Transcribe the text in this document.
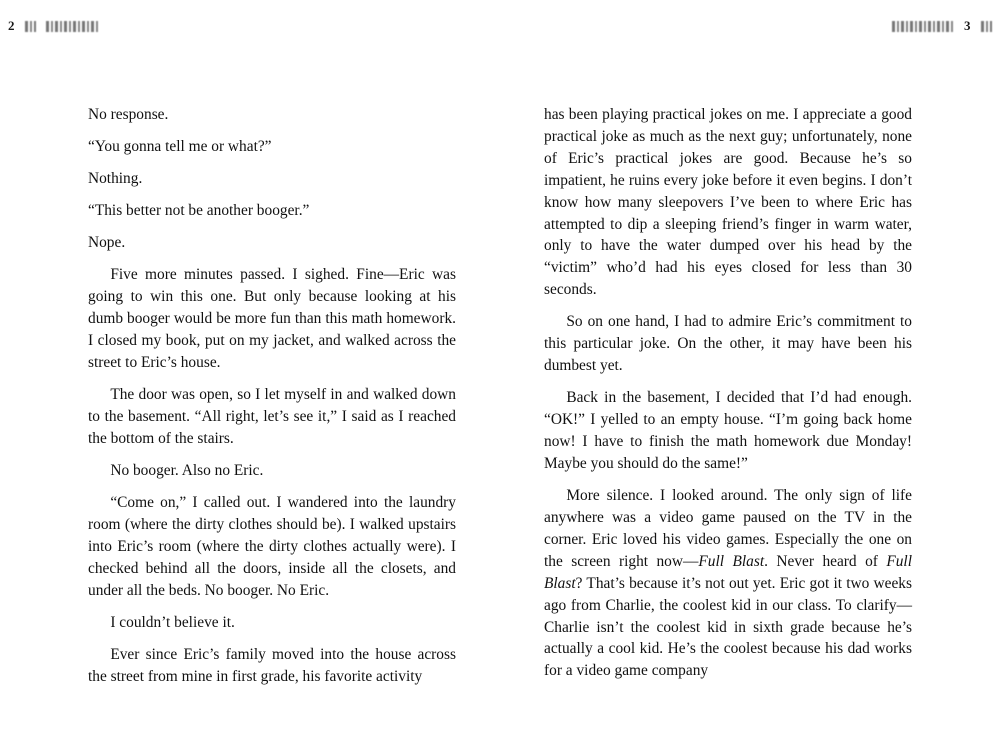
2	3

No response.

“You gonna tell me or what?”

Nothing.

“This better not be another booger.”

Nope.

Five more minutes passed. I sighed. Fine—Eric was going to win this one. But only because looking at his dumb booger would be more fun than this math homework. I closed my book, put on my jacket, and walked across the street to Eric’s house.

The door was open, so I let myself in and walked down to the basement. “All right, let’s see it,” I said as I reached the bottom of the stairs.

No booger. Also no Eric.

“Come on,” I called out. I wandered into the laundry room (where the dirty clothes should be). I walked upstairs into Eric’s room (where the dirty clothes actually were). I checked behind all the doors, inside all the closets, and under all the beds. No booger. No Eric.

I couldn’t believe it.

Ever since Eric’s family moved into the house across the street from mine in first grade, his favorite activity

has been playing practical jokes on me. I appreciate a good practical joke as much as the next guy; unfortunately, none of Eric’s practical jokes are good. Because he’s so impatient, he ruins every joke before it even begins. I don’t know how many sleepovers I’ve been to where Eric has attempted to dip a sleeping friend’s finger in warm water, only to have the water dumped over his head by the “victim” who’d had his eyes closed for less than 30 seconds.

So on one hand, I had to admire Eric’s commitment to this particular joke. On the other, it may have been his dumbest yet.

Back in the basement, I decided that I’d had enough. “OK!” I yelled to an empty house. “I’m going back home now! I have to finish the math homework due Monday! Maybe you should do the same!”

More silence. I looked around. The only sign of life anywhere was a video game paused on the TV in the corner. Eric loved his video games. Especially the one on the screen right now—Full Blast. Never heard of Full Blast? That’s because it’s not out yet. Eric got it two weeks ago from Charlie, the coolest kid in our class. To clarify—Charlie isn’t the coolest kid in sixth grade because he’s actually a cool kid. He’s the coolest because his dad works for a video game company
